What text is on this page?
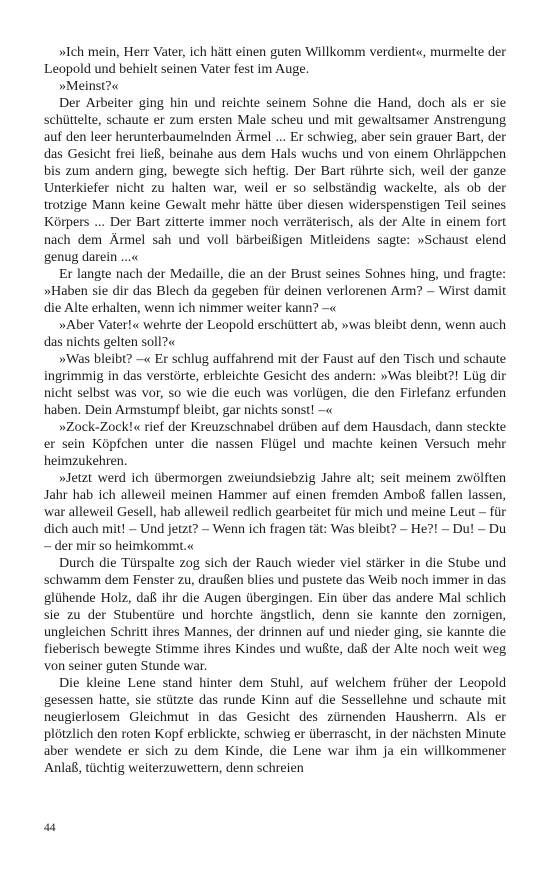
»Ich mein, Herr Vater, ich hätt einen guten Willkomm verdient«, murmelte der Leopold und behielt seinen Vater fest im Auge.

»Meinst?«

Der Arbeiter ging hin und reichte seinem Sohne die Hand, doch als er sie schüttelte, schaute er zum ersten Male scheu und mit gewaltsamer Anstrengung auf den leer herunterbaumelnden Ärmel ... Er schwieg, aber sein grauer Bart, der das Gesicht frei ließ, beinahe aus dem Hals wuchs und von einem Ohrläppchen bis zum andern ging, bewegte sich heftig. Der Bart rührte sich, weil der ganze Unterkiefer nicht zu halten war, weil er so selbständig wackelte, als ob der trotzige Mann keine Gewalt mehr hätte über diesen widerspenstigen Teil seines Körpers ... Der Bart zitterte immer noch verräterisch, als der Alte in einem fort nach dem Ärmel sah und voll bärbeißigen Mitleidens sagte: »Schaust elend genug darein ...«

Er langte nach der Medaille, die an der Brust seines Sohnes hing, und fragte: »Haben sie dir das Blech da gegeben für deinen verlorenen Arm? – Wirst damit die Alte erhalten, wenn ich nimmer weiter kann? –«

»Aber Vater!« wehrte der Leopold erschüttert ab, »was bleibt denn, wenn auch das nichts gelten soll?«

»Was bleibt? –« Er schlug auffahrend mit der Faust auf den Tisch und schaute ingrimmig in das verstörte, erbleichte Gesicht des andern: »Was bleibt?! Lüg dir nicht selbst was vor, so wie die euch was vorlügen, die den Firlefanz erfunden haben. Dein Armstumpf bleibt, gar nichts sonst! –«

»Zock-Zock!« rief der Kreuzschnabel drüben auf dem Hausdach, dann steckte er sein Köpfchen unter die nassen Flügel und machte keinen Versuch mehr heimzukehren.

»Jetzt werd ich übermorgen zweiundsiebzig Jahre alt; seit meinem zwölften Jahr hab ich alleweil meinen Hammer auf einen fremden Amboß fallen lassen, war alleweil Gesell, hab alleweil redlich gearbeitet für mich und meine Leut – für dich auch mit! – Und jetzt? – Wenn ich fragen tät: Was bleibt? – He?! – Du! – Du – der mir so heimkommt.«

Durch die Türspalte zog sich der Rauch wieder viel stärker in die Stube und schwamm dem Fenster zu, draußen blies und pustete das Weib noch immer in das glühende Holz, daß ihr die Augen übergingen. Ein über das andere Mal schlich sie zu der Stubentüre und horchte ängstlich, denn sie kannte den zornigen, ungleichen Schritt ihres Mannes, der drinnen auf und nieder ging, sie kannte die fieberisch bewegte Stimme ihres Kindes und wußte, daß der Alte noch weit weg von seiner guten Stunde war.

Die kleine Lene stand hinter dem Stuhl, auf welchem früher der Leopold gesessen hatte, sie stützte das runde Kinn auf die Sessellehne und schaute mit neugierlosem Gleichmut in das Gesicht des zürnenden Hausherrn. Als er plötzlich den roten Kopf erblickte, schwieg er überrascht, in der nächsten Minute aber wendete er sich zu dem Kinde, die Lene war ihm ja ein willkommener Anlaß, tüchtig weiterzuwettern, denn schreien

44
